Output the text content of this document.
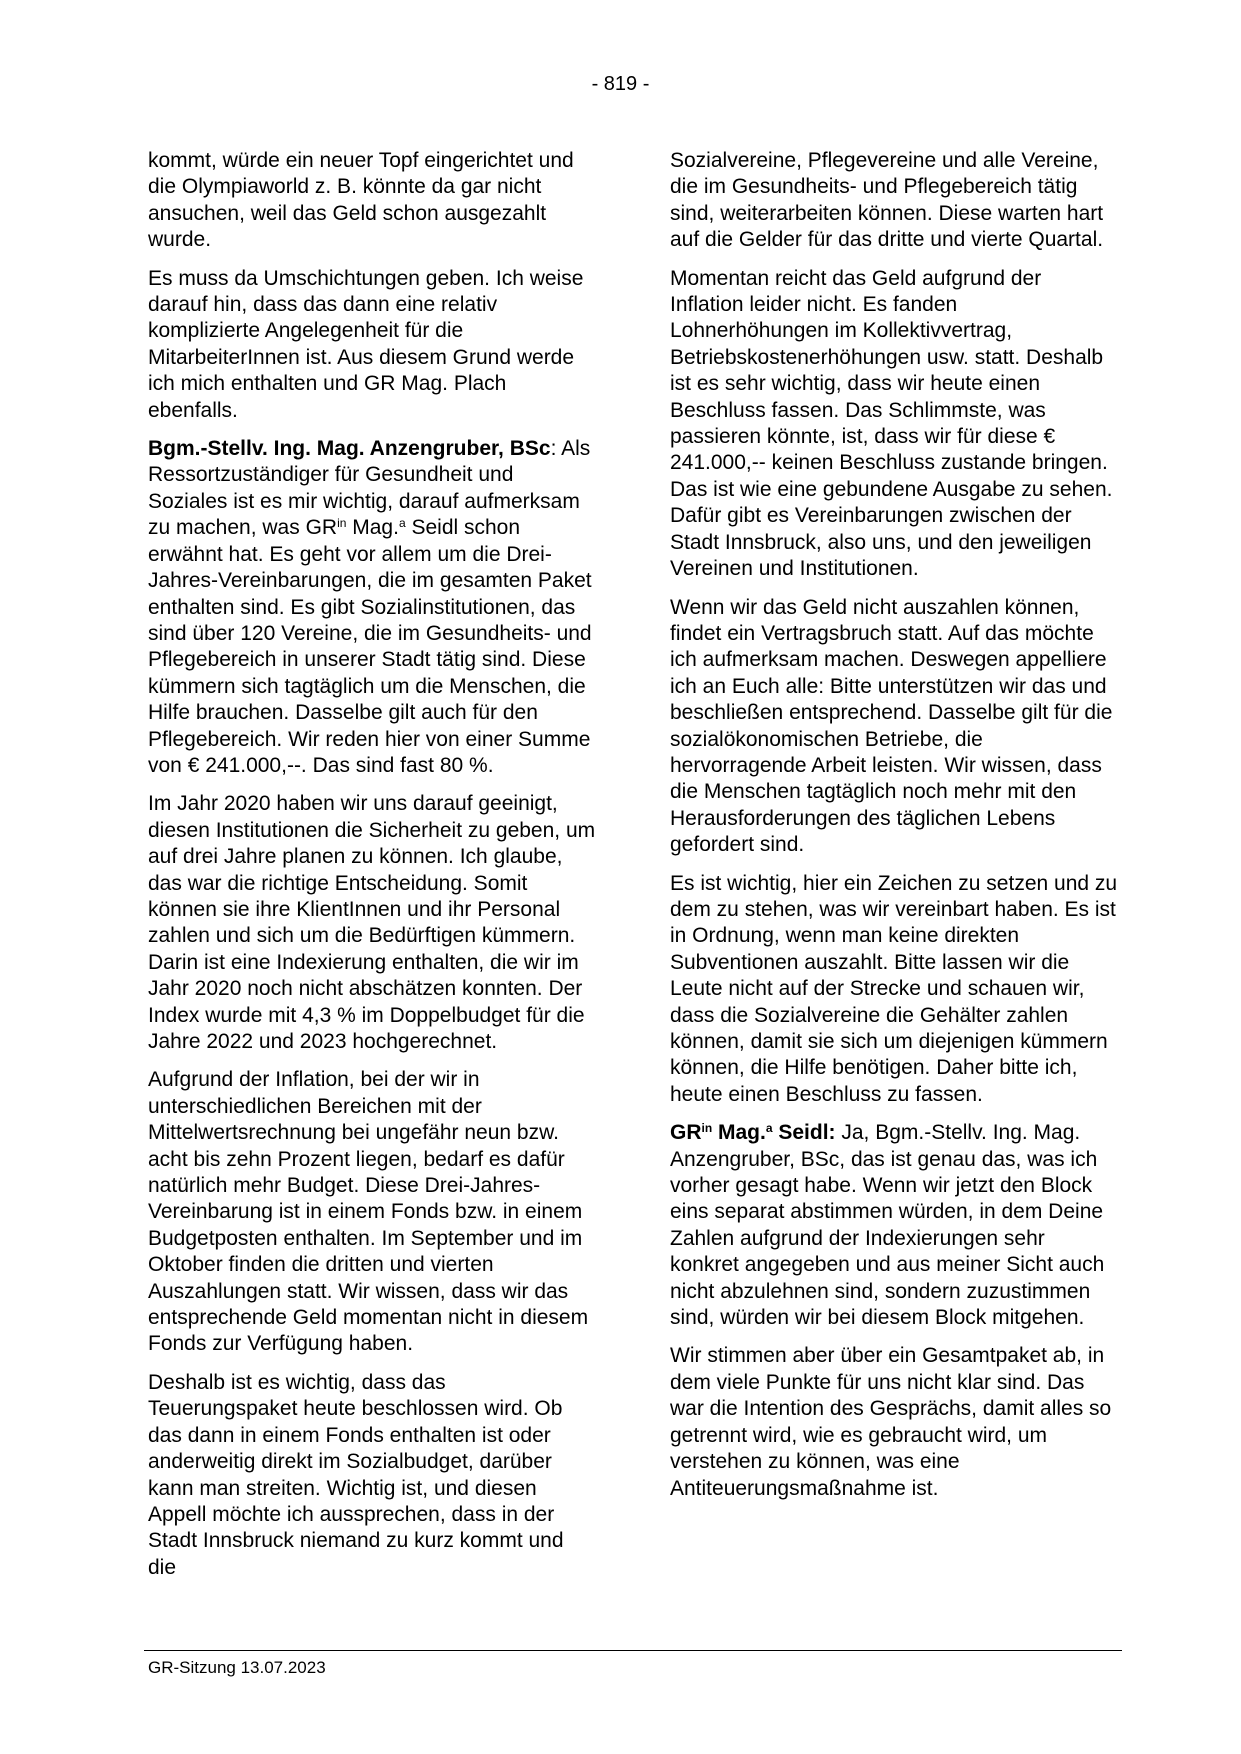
- 819 -

kommt, würde ein neuer Topf eingerichtet und die Olympiaworld z. B. könnte da gar nicht ansuchen, weil das Geld schon ausgezahlt wurde.

Es muss da Umschichtungen geben. Ich weise darauf hin, dass das dann eine relativ komplizierte Angelegenheit für die MitarbeiterInnen ist. Aus diesem Grund werde ich mich enthalten und GR Mag. Plach ebenfalls.

Bgm.-Stellv. Ing. Mag. Anzengruber, BSc: Als Ressortzuständiger für Gesundheit und Soziales ist es mir wichtig, darauf aufmerksam zu machen, was $GR^{in}$ Mag.$^a$ Seidl schon erwähnt hat. Es geht vor allem um die Drei-Jahres-Vereinbarungen, die im gesamten Paket enthalten sind. Es gibt Sozialinstitutionen, das sind über 120 Vereine, die im Gesundheits- und Pflegebereich in unserer Stadt tätig sind. Diese kümmern sich tagtäglich um die Menschen, die Hilfe brauchen. Dasselbe gilt auch für den Pflegebereich. Wir reden hier von einer Summe von € 241.000,--. Das sind fast 80 %.

Im Jahr 2020 haben wir uns darauf geeinigt, diesen Institutionen die Sicherheit zu geben, um auf drei Jahre planen zu können. Ich glaube, das war die richtige Entscheidung. Somit können sie ihre KlientInnen und ihr Personal zahlen und sich um die Bedürftigen kümmern. Darin ist eine Indexierung enthalten, die wir im Jahr 2020 noch nicht abschätzen konnten. Der Index wurde mit 4,3 % im Doppelbudget für die Jahre 2022 und 2023 hochgerechnet.

Aufgrund der Inflation, bei der wir in unterschiedlichen Bereichen mit der Mittelwertsrechnung bei ungefähr neun bzw. acht bis zehn Prozent liegen, bedarf es dafür natürlich mehr Budget. Diese Drei-Jahres-Vereinbarung ist in einem Fonds bzw. in einem Budgetposten enthalten. Im September und im Oktober finden die dritten und vierten Auszahlungen statt. Wir wissen, dass wir das entsprechende Geld momentan nicht in diesem Fonds zur Verfügung haben.

Deshalb ist es wichtig, dass das Teuerungspaket heute beschlossen wird. Ob das dann in einem Fonds enthalten ist oder anderweitig direkt im Sozialbudget, darüber kann man streiten. Wichtig ist, und diesen Appell möchte ich aussprechen, dass in der Stadt Innsbruck niemand zu kurz kommt und die

Sozialvereine, Pflegevereine und alle Vereine, die im Gesundheits- und Pflegebereich tätig sind, weiterarbeiten können. Diese warten hart auf die Gelder für das dritte und vierte Quartal.

Momentan reicht das Geld aufgrund der Inflation leider nicht. Es fanden Lohnerhöhungen im Kollektivvertrag, Betriebskostenerhöhungen usw. statt. Deshalb ist es sehr wichtig, dass wir heute einen Beschluss fassen. Das Schlimmste, was passieren könnte, ist, dass wir für diese € 241.000,-- keinen Beschluss zustande bringen. Das ist wie eine gebundene Ausgabe zu sehen. Dafür gibt es Vereinbarungen zwischen der Stadt Innsbruck, also uns, und den jeweiligen Vereinen und Institutionen.

Wenn wir das Geld nicht auszahlen können, findet ein Vertragsbruch statt. Auf das möchte ich aufmerksam machen. Deswegen appelliere ich an Euch alle: Bitte unterstützen wir das und beschließen entsprechend. Dasselbe gilt für die sozialökonomischen Betriebe, die hervorragende Arbeit leisten. Wir wissen, dass die Menschen tagtäglich noch mehr mit den Herausforderungen des täglichen Lebens gefordert sind.

Es ist wichtig, hier ein Zeichen zu setzen und zu dem zu stehen, was wir vereinbart haben. Es ist in Ordnung, wenn man keine direkten Subventionen auszahlt. Bitte lassen wir die Leute nicht auf der Strecke und schauen wir, dass die Sozialvereine die Gehälter zahlen können, damit sie sich um diejenigen kümmern können, die Hilfe benötigen. Daher bitte ich, heute einen Beschluss zu fassen.

$GR^{in}$ Mag.$^a$ Seidl: Ja, Bgm.-Stellv. Ing. Mag. Anzengruber, BSc, das ist genau das, was ich vorher gesagt habe. Wenn wir jetzt den Block eins separat abstimmen würden, in dem Deine Zahlen aufgrund der Indexierungen sehr konkret angegeben und aus meiner Sicht auch nicht abzulehnen sind, sondern zuzustimmen sind, würden wir bei diesem Block mitgehen.

Wir stimmen aber über ein Gesamtpaket ab, in dem viele Punkte für uns nicht klar sind. Das war die Intention des Gesprächs, damit alles so getrennt wird, wie es gebraucht wird, um verstehen zu können, was eine Antiteuerungsmaßnahme ist.

GR-Sitzung 13.07.2023
